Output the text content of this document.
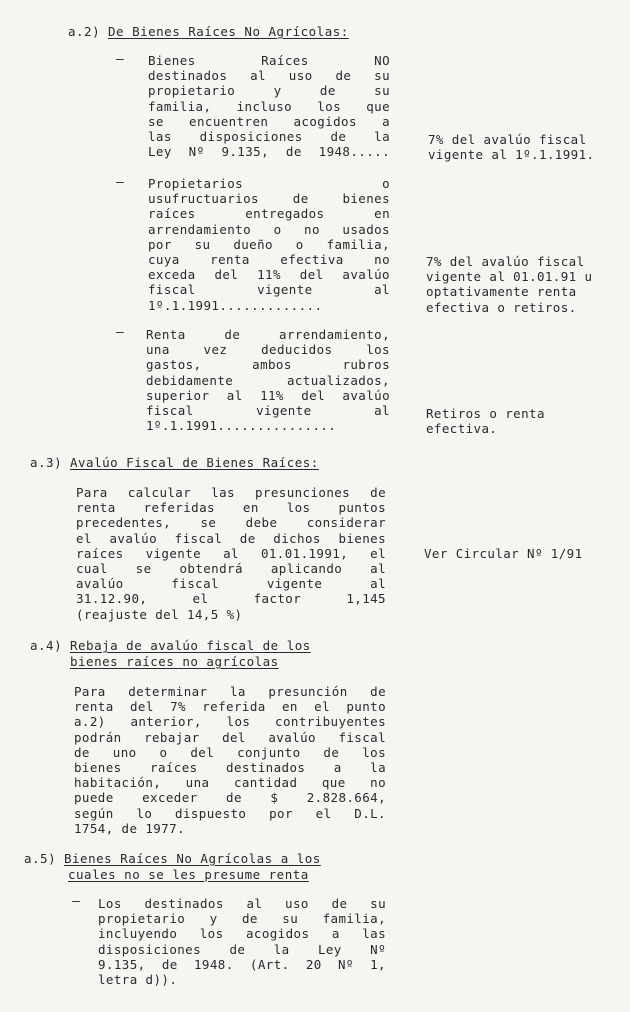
a.2) De Bienes Raíces No Agrícolas:
– Bienes Raíces NO
destinados al uso de su
propietario y de su
familia, incluso los que
se encuentren acogidos a
las disposiciones de la
Ley Nº 9.135, de 1948.....
7% del avalúo fiscal
vigente al 1º.1.1991.
– Propietarios o
usufructuarios de bienes
raíces entregados en
arrendamiento o no usados
por su dueño o familia,
cuya renta efectiva no
exceda del 11% del avalúo
fiscal vigente al
1º.1.1991.............
7% del avalúo fiscal
vigente al 01.01.91 u
optativamente renta
efectiva o retiros.
– Renta de arrendamiento,
una vez deducidos los
gastos, ambos rubros
debidamente actualizados,
superior al 11% del avalúo
fiscal vigente al
1º.1.1991...............
Retiros o renta
efectiva.
a.3) Avalúo Fiscal de Bienes Raíces:
Para calcular las presunciones de
renta referidas en los puntos
precedentes, se debe considerar
el avalúo fiscal de dichos bienes
raíces vigente al 01.01.1991, el
cual se obtendrá aplicando al
avalúo fiscal vigente al
31.12.90, el factor 1,145
(reajuste del 14,5 %)
Ver Circular Nº 1/91
a.4) Rebaja de avalúo fiscal de los
bienes raíces no agrícolas
Para determinar la presunción de
renta del 7% referida en el punto
a.2) anterior, los contribuyentes
podrán rebajar del avalúo fiscal
de uno o del conjunto de los
bienes raíces destinados a la
habitación, una cantidad que no
puede exceder de $ 2.828.664,
según lo dispuesto por el D.L.
1754, de 1977.
a.5) Bienes Raíces No Agrícolas a los
cuales no se les presume renta
– Los destinados al uso de su
propietario y de su familia,
incluyendo los acogidos a las
disposiciones de la Ley Nº
9.135, de 1948. (Art. 20 Nº 1,
letra d)).
